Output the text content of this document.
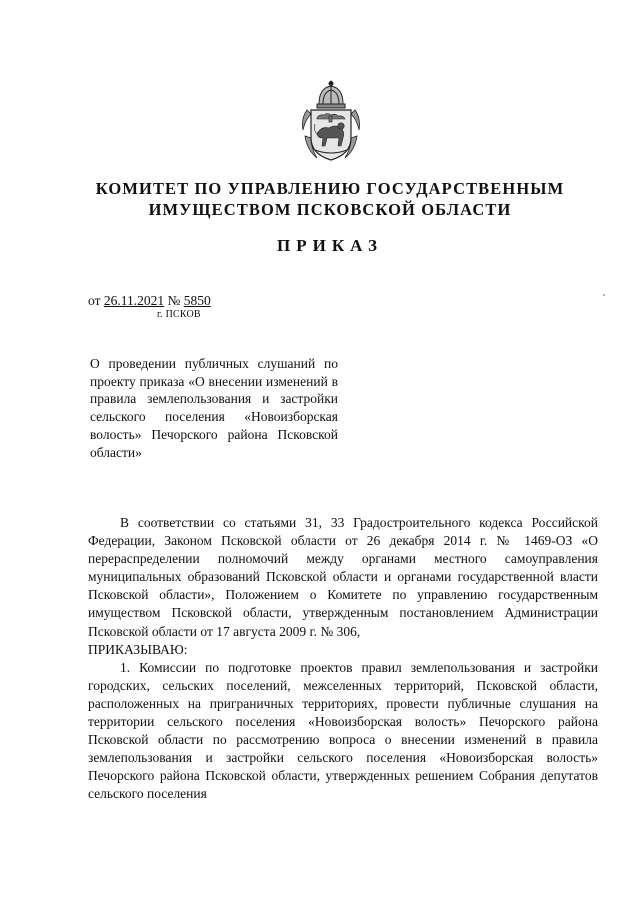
КОМИТЕТ ПО УПРАВЛЕНИЮ ГОСУДАРСТВЕННЫМ
ИМУЩЕСТВОМ ПСКОВСКОЙ ОБЛАСТИ
ПРИКАЗ
от 26.11.2021 № 5850
г. ПСКОВ
О проведении публичных слушаний по проекту приказа «О внесении изменений в правила землепользования и застройки сельского поселения «Новоизборская волость» Печорского района Псковской области»

В соответствии со статьями 31, 33 Градостроительного кодекса Российской Федерации, Законом Псковской области от 26 декабря 2014 г. № 1469-ОЗ «О перераспределении полномочий между органами местного самоуправления муниципальных образований Псковской области и органами государственной власти Псковской области», Положением о Комитете по управлению государственным имуществом Псковской области, утвержденным постановлением Администрации Псковской области от 17 августа 2009 г. № 306,

ПРИКАЗЫВАЮ:

1. Комиссии по подготовке проектов правил землепользования и застройки городских, сельских поселений, межселенных территорий, Псковской области, расположенных на приграничных территориях, провести публичные слушания на территории сельского поселения «Новоизборская волость» Печорского района Псковской области по рассмотрению вопроса о внесении изменений в правила землепользования и застройки сельского поселения «Новоизборская волость» Печорского района Псковской области, утвержденных решением Собрания депутатов сельского поселения
